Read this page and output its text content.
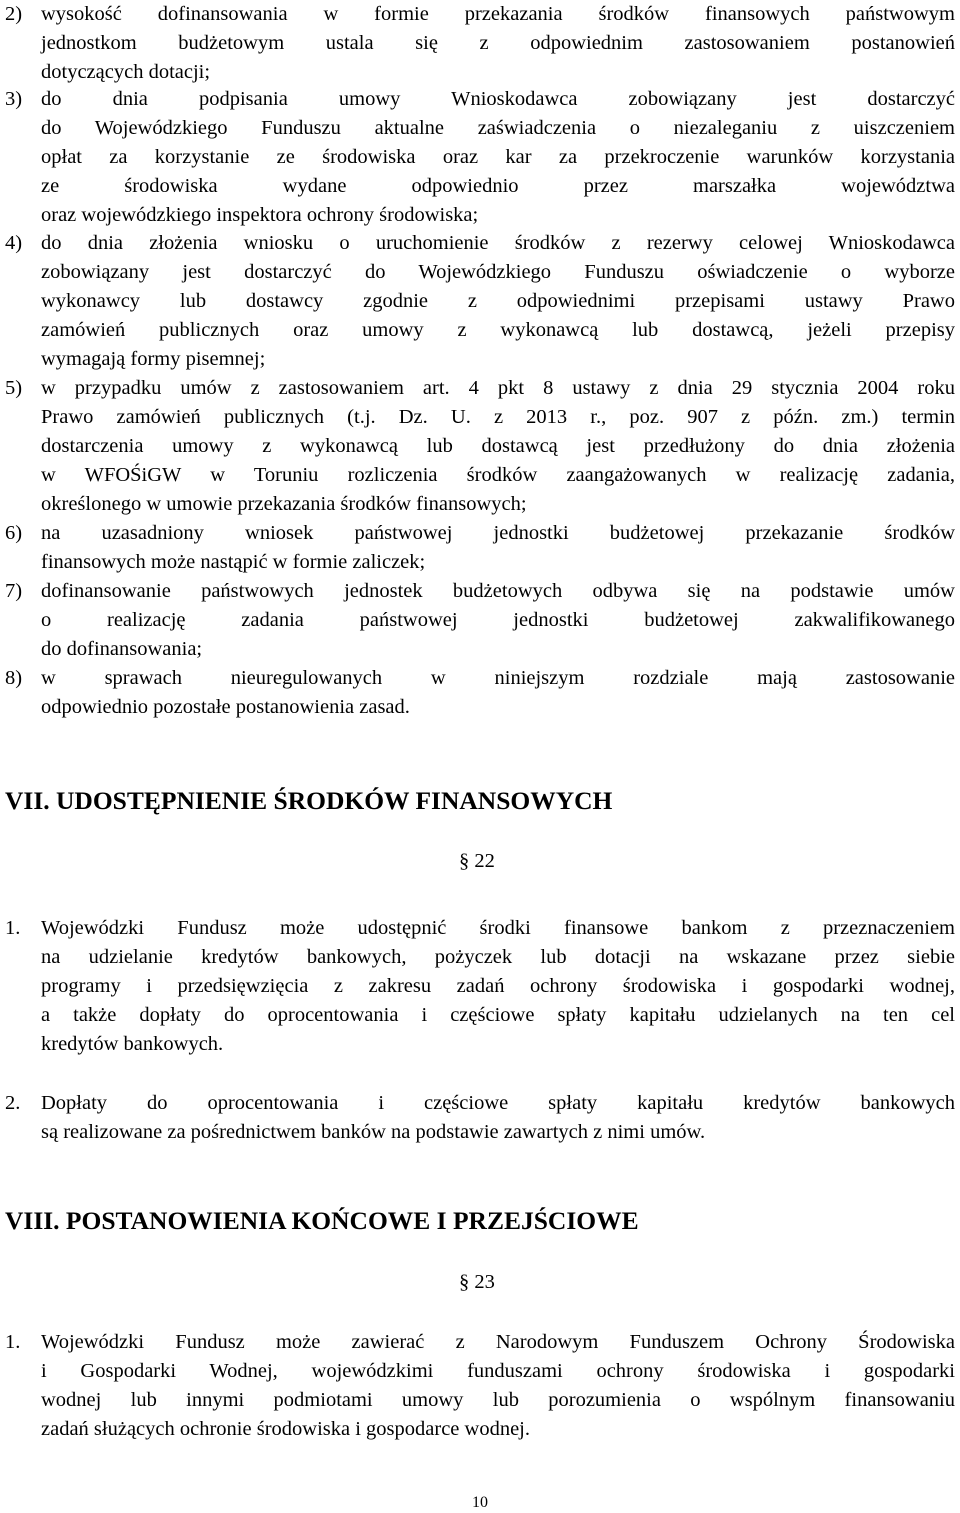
2) wysokość dofinansowania w formie przekazania środków finansowych państwowym
jednostkom budżetowym ustala się z odpowiednim zastosowaniem postanowień
dotyczących dotacji;
3) do dnia podpisania umowy Wnioskodawca zobowiązany jest dostarczyć
do Wojewódzkiego Funduszu aktualne zaświadczenia o niezaleganiu z uiszczeniem
opłat za korzystanie ze środowiska oraz kar za przekroczenie warunków korzystania
ze środowiska wydane odpowiednio przez marszałka województwa
oraz wojewódzkiego inspektora ochrony środowiska;
4) do dnia złożenia wniosku o uruchomienie środków z rezerwy celowej Wnioskodawca
zobowiązany jest dostarczyć do Wojewódzkiego Funduszu oświadczenie o wyborze
wykonawcy lub dostawcy zgodnie z odpowiednimi przepisami ustawy Prawo
zamówień publicznych oraz umowy z wykonawcą lub dostawcą, jeżeli przepisy
wymagają formy pisemnej;
5) w przypadku umów z zastosowaniem art. 4 pkt 8 ustawy z dnia 29 stycznia 2004 roku
Prawo zamówień publicznych (t.j. Dz. U. z 2013 r., poz. 907 z późn. zm.) termin
dostarczenia umowy z wykonawcą lub dostawcą jest przedłużony do dnia złożenia
w WFOŚiGW w Toruniu rozliczenia środków zaangażowanych w realizację zadania,
określonego w umowie przekazania środków finansowych;
6) na uzasadniony wniosek państwowej jednostki budżetowej przekazanie środków
finansowych może nastąpić w formie zaliczek;
7) dofinansowanie państwowych jednostek budżetowych odbywa się na podstawie umów
o realizację zadania państwowej jednostki budżetowej zakwalifikowanego
do dofinansowania;
8) w sprawach nieuregulowanych w niniejszym rozdziale mają zastosowanie
odpowiednio pozostałe postanowienia zasad.
VII. UDOSTĘPNIENIE ŚRODKÓW FINANSOWYCH
§ 22
1. Wojewódzki Fundusz może udostępnić środki finansowe bankom z przeznaczeniem
na udzielanie kredytów bankowych, pożyczek lub dotacji na wskazane przez siebie
programy i przedsięwzięcia z zakresu zadań ochrony środowiska i gospodarki wodnej,
a także dopłaty do oprocentowania i częściowe spłaty kapitału udzielanych na ten cel
kredytów bankowych.
2. Dopłaty do oprocentowania i częściowe spłaty kapitału kredytów bankowych
są realizowane za pośrednictwem banków na podstawie zawartych z nimi umów.
VIII. POSTANOWIENIA KOŃCOWE I PRZEJŚCIOWE
§ 23
1. Wojewódzki Fundusz może zawierać z Narodowym Funduszem Ochrony Środowiska
i Gospodarki Wodnej, wojewódzkimi funduszami ochrony środowiska i gospodarki
wodnej lub innymi podmiotami umowy lub porozumienia o wspólnym finansowaniu
zadań służących ochronie środowiska i gospodarce wodnej.
10
